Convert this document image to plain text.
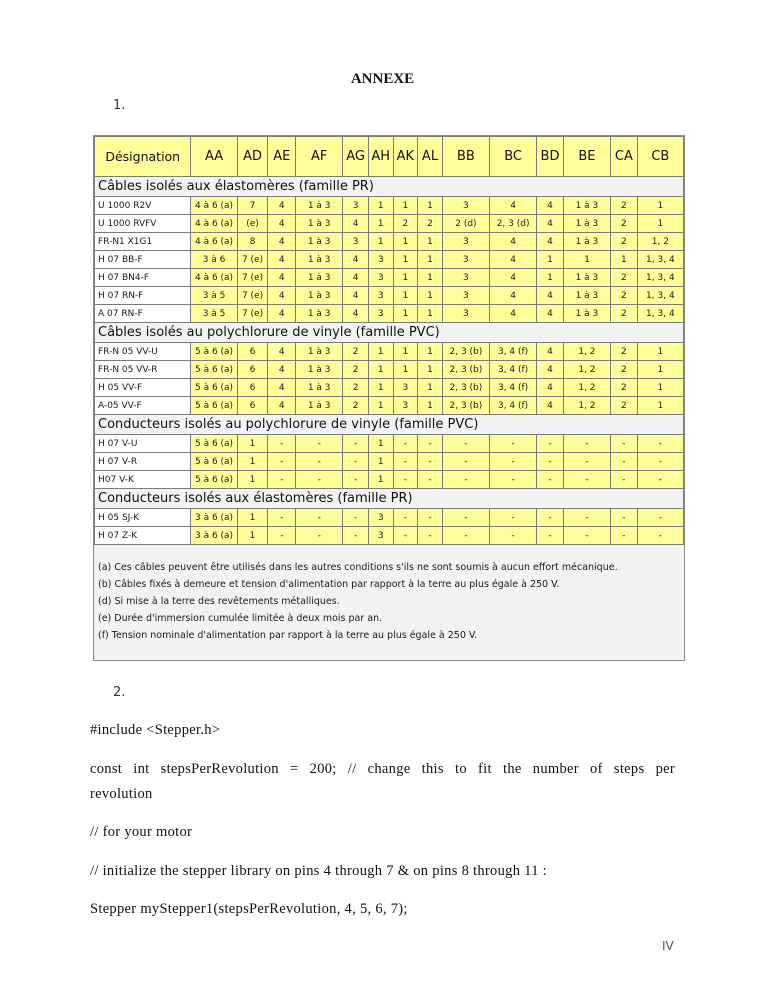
ANNEXE
1.
Désignation	AA	AD	AE	AF	AG	AH	AK	AL	BB	BC	BD	BE	CA	CB
Câbles isolés aux élastomères (famille PR)														
U 1000 R2V	4 à 6 (a)	7	4	1 à 3	3	1	1	1	3	4	4	1 à 3	2	1
U 1000 RVFV	4 à 6 (a)	(e)	4	1 à 3	4	1	2	2	2 (d)	2, 3 (d)	4	1 à 3	2	1
FR-N1 X1G1	4 à 6 (a)	8	4	1 à 3	3	1	1	1	3	4	4	1 à 3	2	1, 2
H 07 BB-F	3 à 6	7 (e)	4	1 à 3	4	3	1	1	3	4	1	1	1	1, 3, 4
H 07 BN4-F	4 à 6 (a)	7 (e)	4	1 à 3	4	3	1	1	3	4	1	1 à 3	2	1, 3, 4
H 07 RN-F	3 à 5	7 (e)	4	1 à 3	4	3	1	1	3	4	4	1 à 3	2	1, 3, 4
A 07 RN-F	3 à 5	7 (e)	4	1 à 3	4	3	1	1	3	4	4	1 à 3	2	1, 3, 4
Câbles isolés au polychlorure de vinyle (famille PVC)														
FR-N 05 VV-U	5 à 6 (a)	6	4	1 à 3	2	1	1	1	2, 3 (b)	3, 4 (f)	4	1, 2	2	1
FR-N 05 VV-R	5 à 6 (a)	6	4	1 à 3	2	1	1	1	2, 3 (b)	3, 4 (f)	4	1, 2	2	1
H 05 VV-F	5 à 6 (a)	6	4	1 à 3	2	1	3	1	2, 3 (b)	3, 4 (f)	4	1, 2	2	1
A-05 VV-F	5 à 6 (a)	6	4	1 à 3	2	1	3	1	2, 3 (b)	3, 4 (f)	4	1, 2	2	1
Conducteurs isolés au polychlorure de vinyle (famille PVC)														
H 07 V-U	5 à 6 (a)	1	-	-	-	1	-	-	-	-	-	-	-	-
H 07 V-R	5 à 6 (a)	1	-	-	-	1	-	-	-	-	-	-	-	-
H07 V-K	5 à 6 (a)	1	-	-	-	1	-	-	-	-	-	-	-	-
Conducteurs isolés aux élastomères (famille PR)														
H 05 SJ-K	3 à 6 (a)	1	-	-	-	3	-	-	-	-	-	-	-	-
H 07 Z-K	3 à 6 (a)	1	-	-	-	3	-	-	-	-	-	-	-	-
(a) Ces câbles peuvent être utilisés dans les autres conditions s'ils ne sont soumis à aucun effort mécanique.
(b) Câbles fixés à demeure et tension d'alimentation par rapport à la terre au plus égale à 250 V.
(d) Si mise à la terre des revêtements métalliques.
(e) Durée d'immersion cumulée limitée à deux mois par an.
(f) Tension nominale d'alimentation par rapport à la terre au plus égale à 250 V.
2.
#include <Stepper.h>
const int stepsPerRevolution = 200; // change this to fit the number of steps per
revolution
// for your motor
// initialize the stepper library on pins 4 through 7 & on pins 8 through 11 :
Stepper myStepper1(stepsPerRevolution, 4, 5, 6, 7);
IV
